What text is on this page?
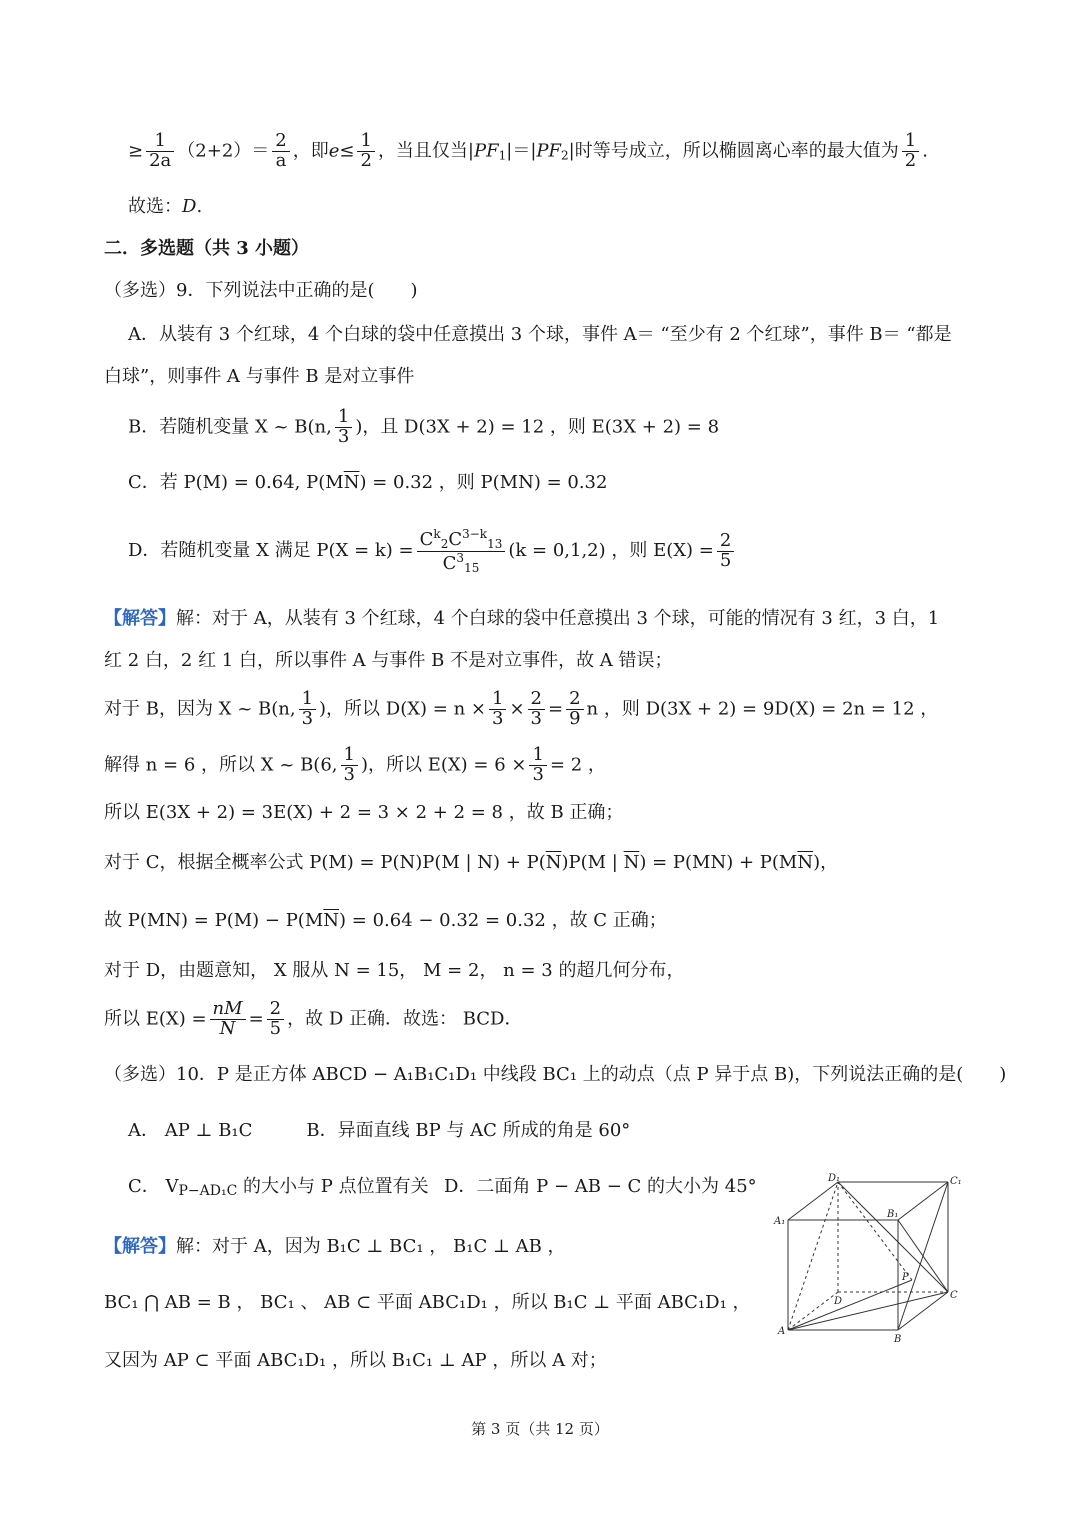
≥ $\frac{1}{2a} (2+2)= \frac{2}{a}$ ，即$e\le \frac{1}{2}$ ，当且仅当$|PF_1|=|PF_2|$时等号成立，所以椭圆离心率的最大值为 $\frac{1}{2}$ .
故选：D.
二．多选题（共 3 小题）
（多选）9．下列说法中正确的是(　　)
A．从装有 3 个红球，4 个白球的袋中任意摸出 3 个球，事件 A＝ “至少有 2 个红球”，事件 B＝ “都是
白球”，则事件 A 与事件 B 是对立事件
B．若随机变量 X ~ B(n, $\frac{1}{3}$ )，且 D(3X + 2) = 12 ，则 E(3X + 2) = 8
C．若 P(M) = 0.64, $P(M\overline{N}) = 0.32$ ，则 P(MN) = 0.32
D．若随机变量 X 满足 $P(X = k) = \frac{C^k_2C^{3-k}_{13}}{C^3_{15}} (k = 0,1,2)$ ，则 $E(X) = \frac{2}{5}$
【解答】解：对于 A，从装有 3 个红球，4 个白球的袋中任意摸出 3 个球，可能的情况有 3 红，3 白，1
红 2 白，2 红 1 白，所以事件 A 与事件 B 不是对立事件，故 A 错误；
对于 B，因为 X ~ B(n, $\frac{1}{3}$ )，所以 $D(X) = n \times \frac{1}{3} \times \frac{2}{3} = \frac{2}{9}$ n ，则 D(3X + 2) = 9D(X) = 2n = 12 ，
解得 n = 6 ，所以 X ~ B(6, $\frac{1}{3}$ )，所以 $E(X) = 6 \times \frac{1}{3} = 2$ ，
所以 E(3X + 2) = 3E(X) + 2 = 3 × 2 + 2 = 8 ，故 B 正确；
对于 C，根据全概率公式 P(M) = P(N)P(M | $N) + P(\overline{N})P(M$ | $\overline{N}) = P(MN) + P(M\overline{N})$，
故 $P(MN) = P(M) - P(M\overline{N}) = 0.64 - 0.32 = 0.32$ ，故 C 正确；
对于 D，由题意知， X 服从 N = 15， M = 2， n = 3 的超几何分布，
所以 $E(X) = \frac{nM}{N} = \frac{2}{5}$ ，故 D 正确．故选： BCD．
（多选）10．P 是正方体 ABCD − A₁B₁C₁D₁ 中线段 BC₁ 上的动点（点 P 异于点 B)，下列说法正确的是(　　)
A． AP ⊥ B₁C　　　B．异面直线 BP 与 AC 所成的角是 60°
C． $V_{P-AD_1C}$ 的大小与 P 点位置有关 D．二面角 P − AB − C 的大小为 45°
【解答】解：对于 A，因为 B₁C ⊥ BC₁ ， B₁C ⊥ AB ，
BC₁ ⋂ AB = B ， BC₁ 、 AB ⊂ 平面 ABC₁D₁ ，所以 B₁C ⊥ 平面 ABC₁D₁ ，
又因为 AP ⊂ 平面 ABC₁D₁ ，所以 B₁C₁ ⊥ AP ，所以 A 对；
D₁	C₁
A₁
B₁
P
D
C
A
B
第 3 页（共 12 页）
